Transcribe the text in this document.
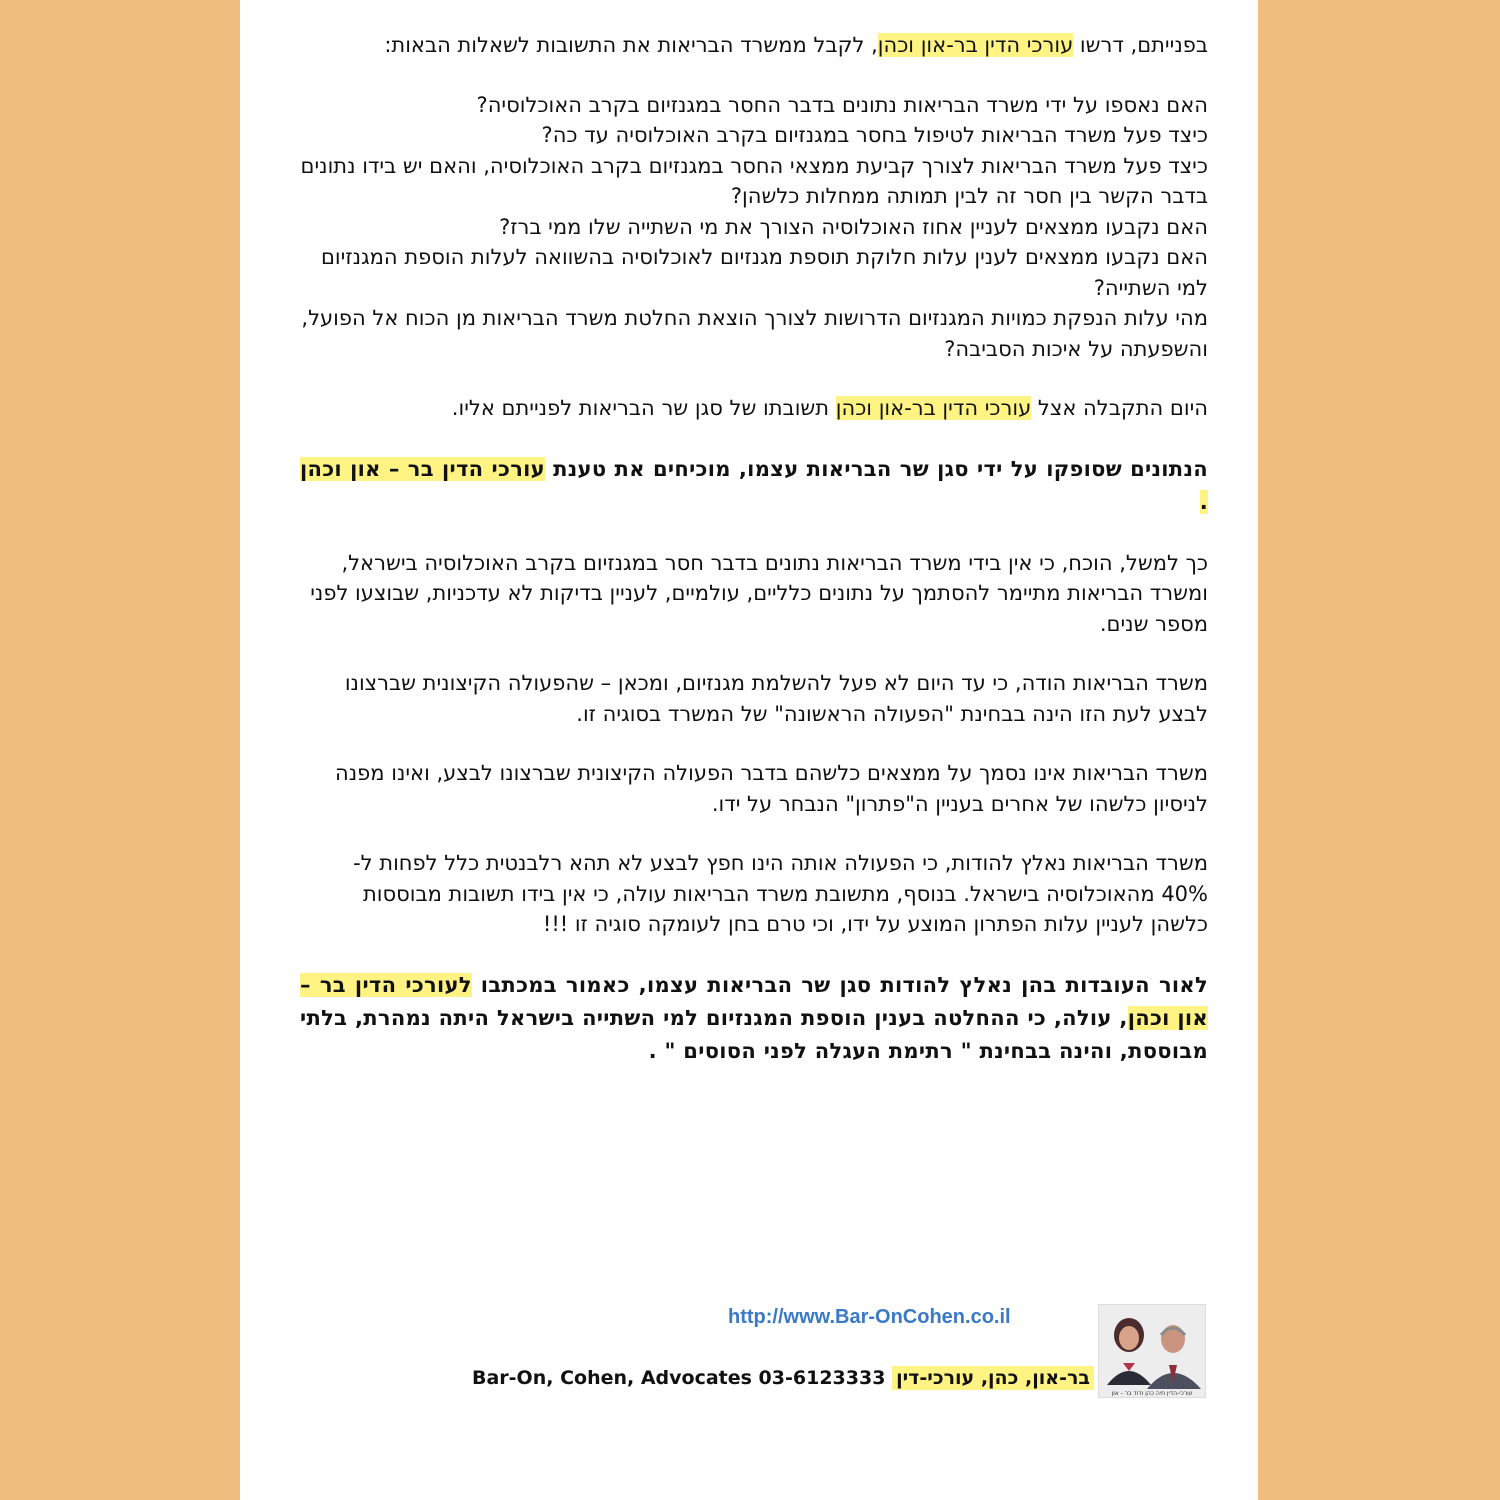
בפנייתם, דרשו עורכי הדין בר-און וכהן, לקבל ממשרד הבריאות את התשובות לשאלות הבאות:

האם נאספו על ידי משרד הבריאות נתונים בדבר החסר במגנזיום בקרב האוכלוסיה?

כיצד פעל משרד הבריאות לטיפול בחסר במגנזיום בקרב האוכלוסיה עד כה?

כיצד פעל משרד הבריאות לצורך קביעת ממצאי החסר במגנזיום בקרב האוכלוסיה, והאם יש בידו נתונים בדבר הקשר בין חסר זה לבין תמותה ממחלות כלשהן?

האם נקבעו ממצאים לעניין אחוז האוכלוסיה הצורך את מי השתייה שלו ממי ברז?

האם נקבעו ממצאים לענין עלות חלוקת תוספת מגנזיום לאוכלוסיה בהשוואה לעלות הוספת המגנזיום למי השתייה?

מהי עלות הנפקת כמויות המגנזיום הדרושות לצורך הוצאת החלטת משרד הבריאות מן הכוח אל הפועל, והשפעתה על איכות הסביבה?

היום התקבלה אצל עורכי הדין בר-און וכהן תשובתו של סגן שר הבריאות לפנייתם אליו.

הנתונים שסופקו על ידי סגן שר הבריאות עצמו, מוכיחים את טענת עורכי הדין בר – און וכהן .

כך למשל, הוכח, כי אין בידי משרד הבריאות נתונים בדבר חסר במגנזיום בקרב האוכלוסיה בישראל, ומשרד הבריאות מתיימר להסתמך על נתונים כלליים, עולמיים, לעניין בדיקות לא עדכניות, שבוצעו לפני מספר שנים.

משרד הבריאות הודה, כי עד היום לא פעל להשלמת מגנזיום, ומכאן – שהפעולה הקיצונית שברצונו לבצע לעת הזו הינה בבחינת "הפעולה הראשונה" של המשרד בסוגיה זו.

משרד הבריאות אינו נסמך על ממצאים כלשהם בדבר הפעולה הקיצונית שברצונו לבצע, ואינו מפנה לניסיון כלשהו של אחרים בעניין ה"פתרון" הנבחר על ידו.

משרד הבריאות נאלץ להודות, כי הפעולה אותה הינו חפץ לבצע לא תהא רלבנטית כלל לפחות ל- 40% מהאוכלוסיה בישראל. בנוסף, מתשובת משרד הבריאות עולה, כי אין בידו תשובות מבוססות כלשהן לעניין עלות הפתרון המוצע על ידו, וכי טרם בחן לעומקה סוגיה זו !!!

לאור העובדות בהן נאלץ להודות סגן שר הבריאות עצמו, כאמור במכתבו לעורכי הדין בר – און וכהן, עולה, כי ההחלטה בענין הוספת המגנזיום למי השתייה בישראל היתה נמהרת, בלתי מבוססת, והינה בבחינת " רתימת העגלה לפני הסוסים " .

http://www.Bar-OnCohen.co.il
Bar-On, Cohen, Advocates 03-6123333 בר-און, כהן, עורכי-דין
עורכי-הדין חיה כהן ודוד בר - און
